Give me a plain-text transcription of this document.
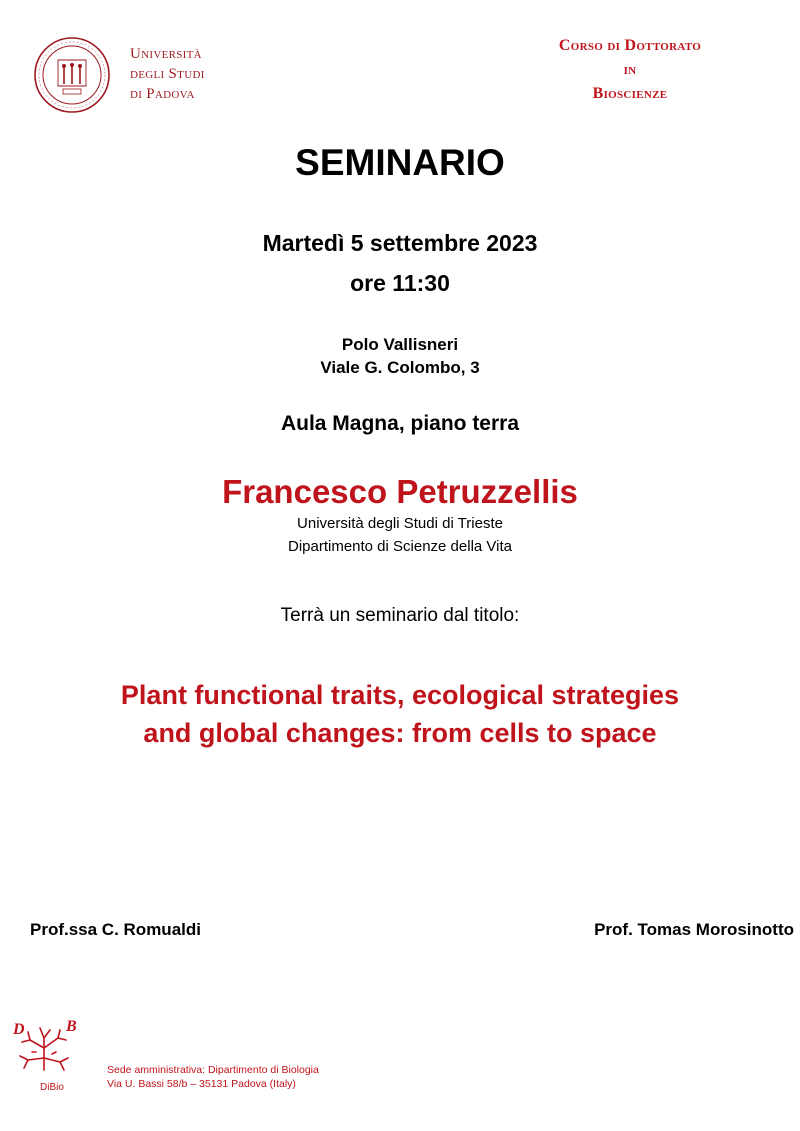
Università
degli Studi
di Padova
Corso di Dottorato
in
Bioscienze
SEMINARIO
Martedì 5 settembre 2023
ore 11:30
Polo Vallisneri
Viale G. Colombo, 3
Aula Magna, piano terra
Francesco Petruzzellis
Università degli Studi di Trieste
Dipartimento di Scienze della Vita
Terrà un seminario dal titolo:
Plant functional traits, ecological strategies
and global changes: from cells to space
Prof.ssa C. Romualdi	Prof. Tomas Morosinotto
D	B
DiBio
Sede amministrativa: Dipartimento di Biologia
Via U. Bassi 58/b – 35131 Padova (Italy)
